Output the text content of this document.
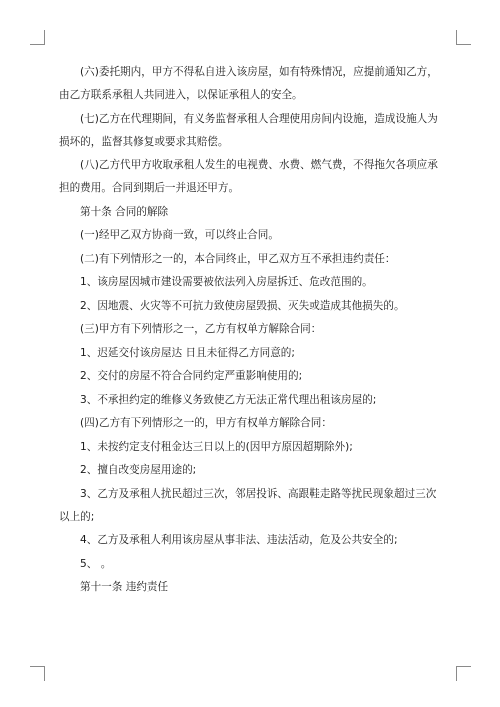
(六)委托期内，甲方不得私自进入该房屋，如有特殊情况，应提前通知乙方，由乙方联系承租人共同进入，以保证承租人的安全。

(七)乙方在代理期间，有义务监督承租人合理使用房间内设施，造成设施人为损坏的，监督其修复或要求其赔偿。

(八)乙方代甲方收取承租人发生的电视费、水费、燃气费，不得拖欠各项应承担的费用。合同到期后一并退还甲方。

第十条 合同的解除

(一)经甲乙双方协商一致，可以终止合同。

(二)有下列情形之一的，本合同终止，甲乙双方互不承担违约责任：

1、该房屋因城市建设需要被依法列入房屋拆迁、危改范围的。

2、因地震、火灾等不可抗力致使房屋毁损、灭失或造成其他损失的。

(三)甲方有下列情形之一，乙方有权单方解除合同：

1、迟延交付该房屋达 日且未征得乙方同意的;

2、交付的房屋不符合合同约定严重影响使用的;

3、不承担约定的维修义务致使乙方无法正常代理出租该房屋的;

(四)乙方有下列情形之一的，甲方有权单方解除合同：

1、未按约定支付租金达三日以上的(因甲方原因超期除外);

2、擅自改变房屋用途的;

3、乙方及承租人扰民超过三次，邻居投诉、高跟鞋走路等扰民现象超过三次以上的;

4、乙方及承租人利用该房屋从事非法、违法活动，危及公共安全的;

5、 。

第十一条 违约责任
